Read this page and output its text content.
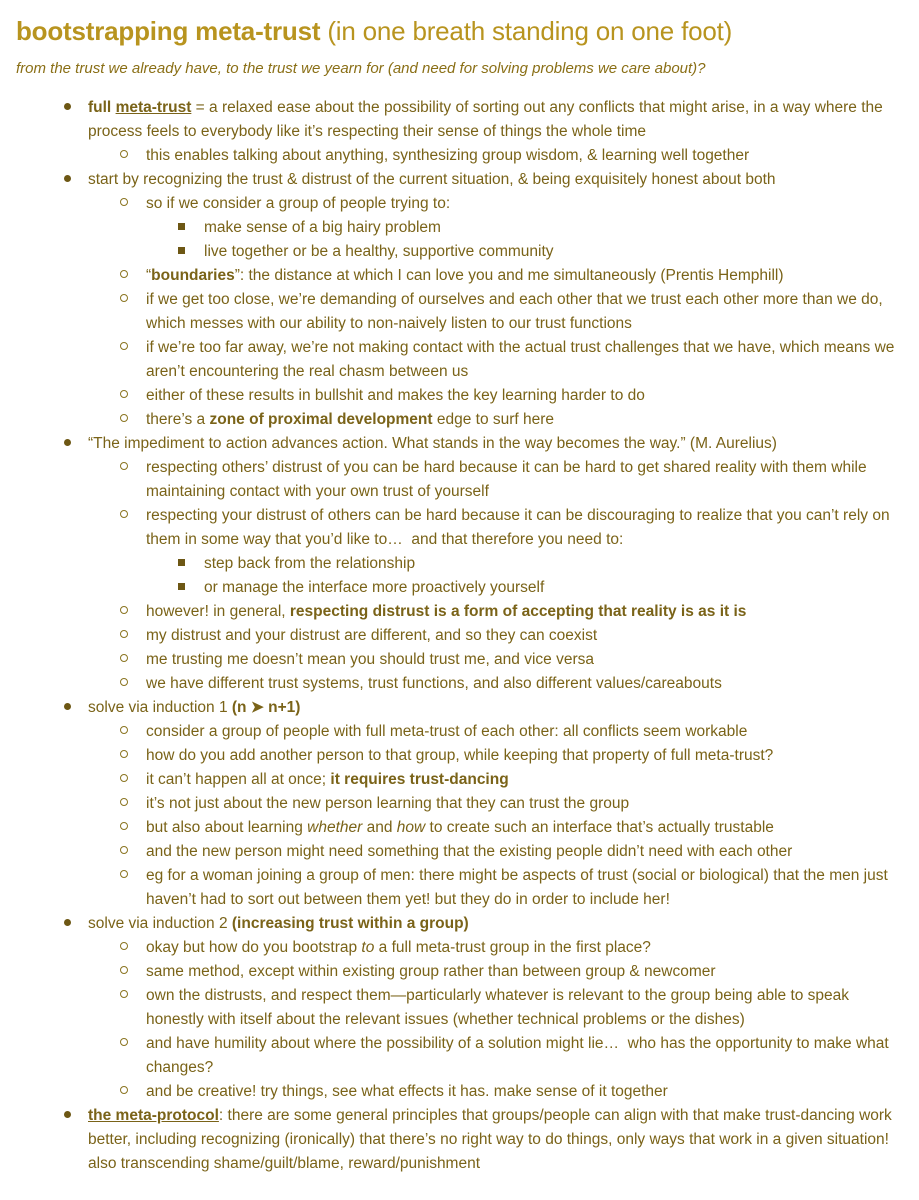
bootstrapping meta-trust (in one breath standing on one foot)

from the trust we already have, to the trust we yearn for (and need for solving problems we care about)?

full meta-trust = a relaxed ease about the possibility of sorting out any conflicts that might arise, in a way where the process feels to everybody like it’s respecting their sense of things the whole time
this enables talking about anything, synthesizing group wisdom, & learning well together
start by recognizing the trust & distrust of the current situation, & being exquisitely honest about both
so if we consider a group of people trying to:
make sense of a big hairy problem
live together or be a healthy, supportive community
“boundaries”: the distance at which I can love you and me simultaneously (Prentis Hemphill)
if we get too close, we’re demanding of ourselves and each other that we trust each other more than we do, which messes with our ability to non-naively listen to our trust functions
if we’re too far away, we’re not making contact with the actual trust challenges that we have, which means we aren’t encountering the real chasm between us
either of these results in bullshit and makes the key learning harder to do
there’s a zone of proximal development edge to surf here
“The impediment to action advances action. What stands in the way becomes the way.” (M. Aurelius)
respecting others’ distrust of you can be hard because it can be hard to get shared reality with them while maintaining contact with your own trust of yourself
respecting your distrust of others can be hard because it can be discouraging to realize that you can’t rely on them in some way that you’d like to…  and that therefore you need to:
step back from the relationship
or manage the interface more proactively yourself
however! in general, respecting distrust is a form of accepting that reality is as it is
my distrust and your distrust are different, and so they can coexist
me trusting me doesn’t mean you should trust me, and vice versa
we have different trust systems, trust functions, and also different values/careabouts
solve via induction 1 (n ➤ n+1)
consider a group of people with full meta-trust of each other: all conflicts seem workable
how do you add another person to that group, while keeping that property of full meta-trust?
it can’t happen all at once; it requires trust-dancing
it’s not just about the new person learning that they can trust the group
but also about learning whether and how to create such an interface that’s actually trustable
and the new person might need something that the existing people didn’t need with each other
eg for a woman joining a group of men: there might be aspects of trust (social or biological) that the men just haven’t had to sort out between them yet! but they do in order to include her!
solve via induction 2 (increasing trust within a group)
okay but how do you bootstrap to a full meta-trust group in the first place?
same method, except within existing group rather than between group & newcomer
own the distrusts, and respect them—particularly whatever is relevant to the group being able to speak honestly with itself about the relevant issues (whether technical problems or the dishes)
and have humility about where the possibility of a solution might lie…  who has the opportunity to make what changes?
and be creative! try things, see what effects it has. make sense of it together
the meta-protocol: there are some general principles that groups/people can align with that make trust-dancing work better, including recognizing (ironically) that there’s no right way to do things, only ways that work in a given situation! also transcending shame/guilt/blame, reward/punishment
